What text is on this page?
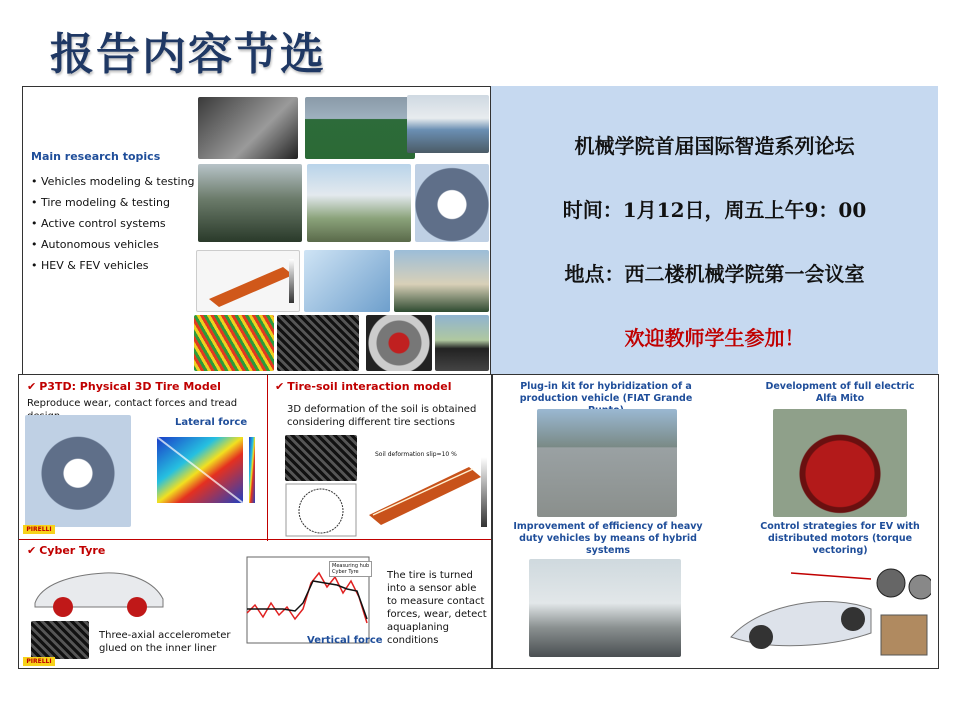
报告内容节选
Main research topics
• Vehicles modeling & testing
• Tire modeling & testing
• Active control systems
• Autonomous vehicles
• HEV & FEV vehicles
机械学院首届国际智造系列论坛
时间：1月12日，周五上午9：00
地点：西二楼机械学院第一会议室
欢迎教师学生参加！
✔ P3TD: Physical 3D Tire Model
Reproduce wear, contact forces and tread
Lateral force
PIRELLI
✔ Tire-soil interaction model
3D deformation of the soil is obtained considering different tire sections
Soil deformation slip=10 %
✔ Cyber Tyre
Three-axial accelerometer glued on the inner liner
PIRELLI
Measuring hub
Cyber Tyre
Vertical force
The tire is turned into a sensor able to measure contact forces, wear, detect aquaplaning conditions
Plug-in kit for hybridization of a production vehicle (FIAT Grande
Development of full electric Alfa Mito
Improvement of efficiency of heavy duty vehicles by means of hybrid systems
Control strategies for EV with distributed motors (torque vectoring)
